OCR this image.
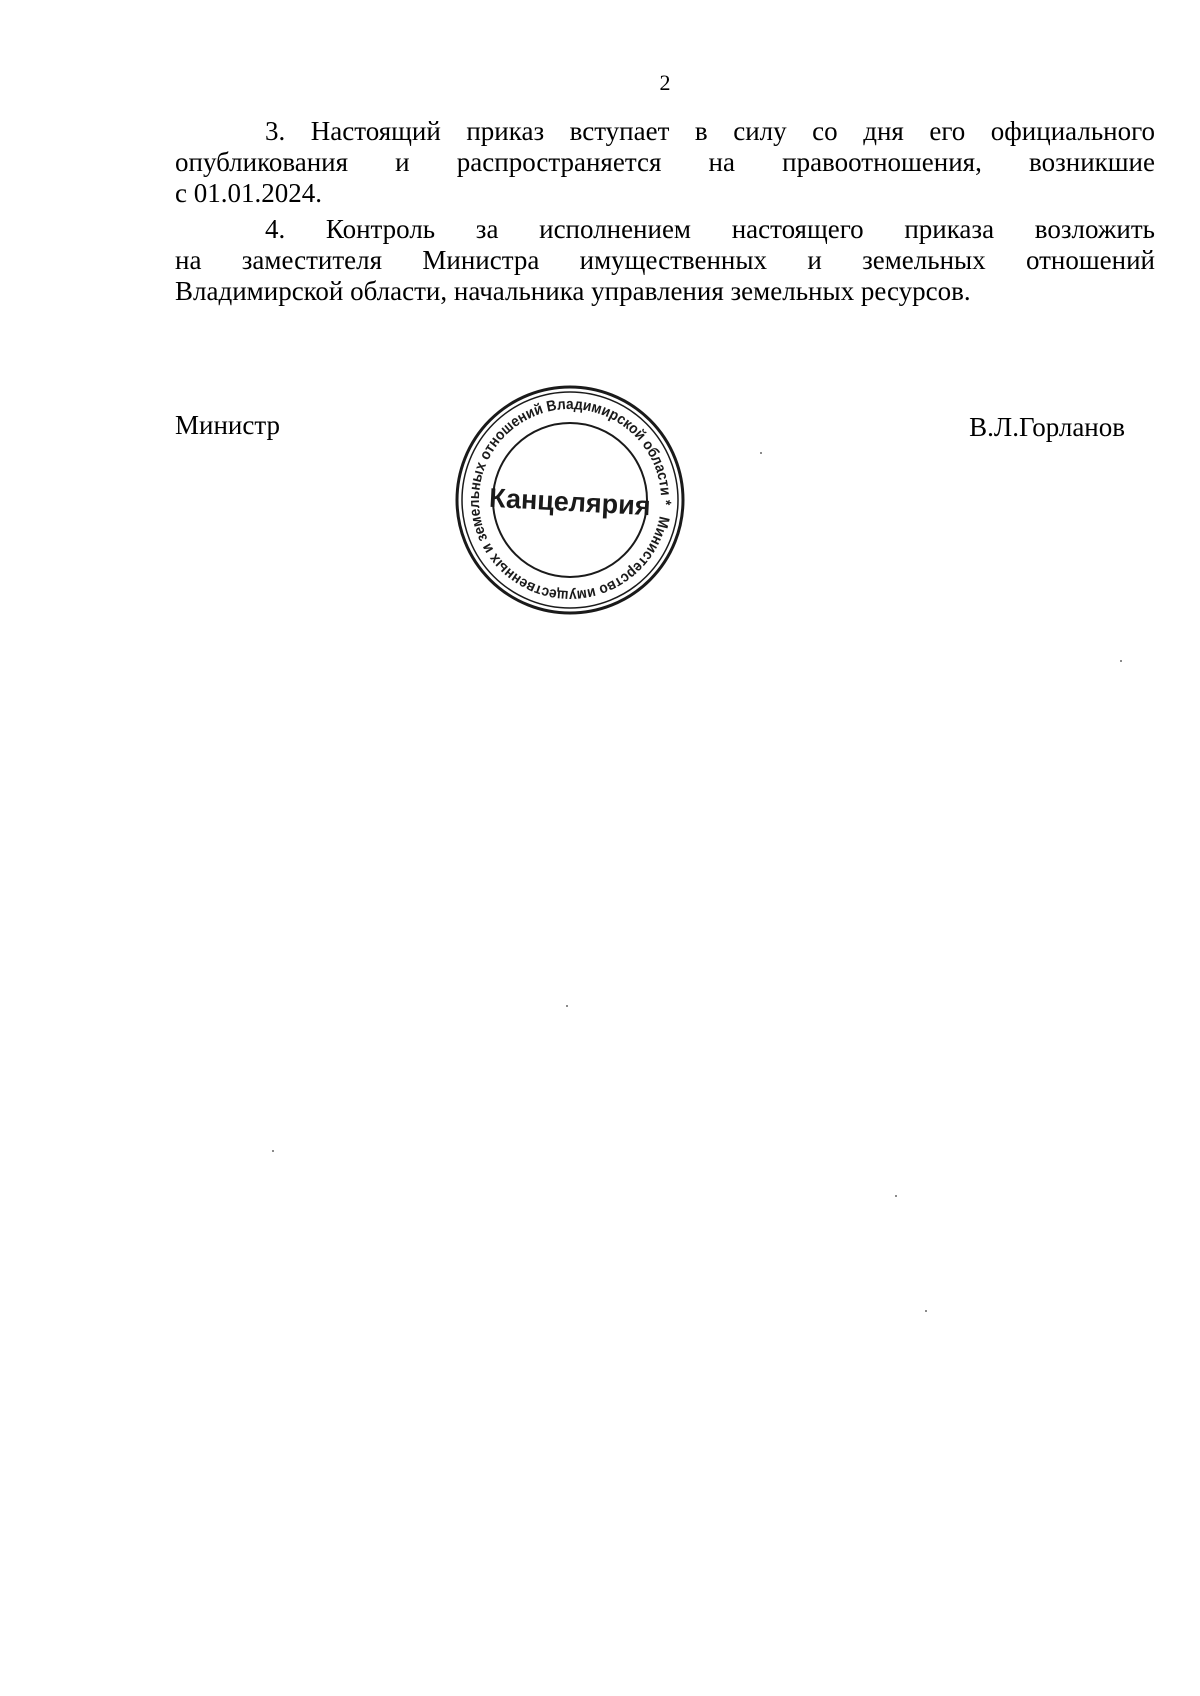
2

3. Настоящий приказ вступает в силу со дня его официального
опубликования и распространяется на правоотношения, возникшие
с 01.01.2024.

4. Контроль за исполнением настоящего приказа возложить
на заместителя Министра имущественных и земельных отношений
Владимирской области, начальника управления земельных ресурсов.

Министр	В.Л.Горланов
Министерство имущественных и земельных отношений Владимирской области *
Канцелярия
